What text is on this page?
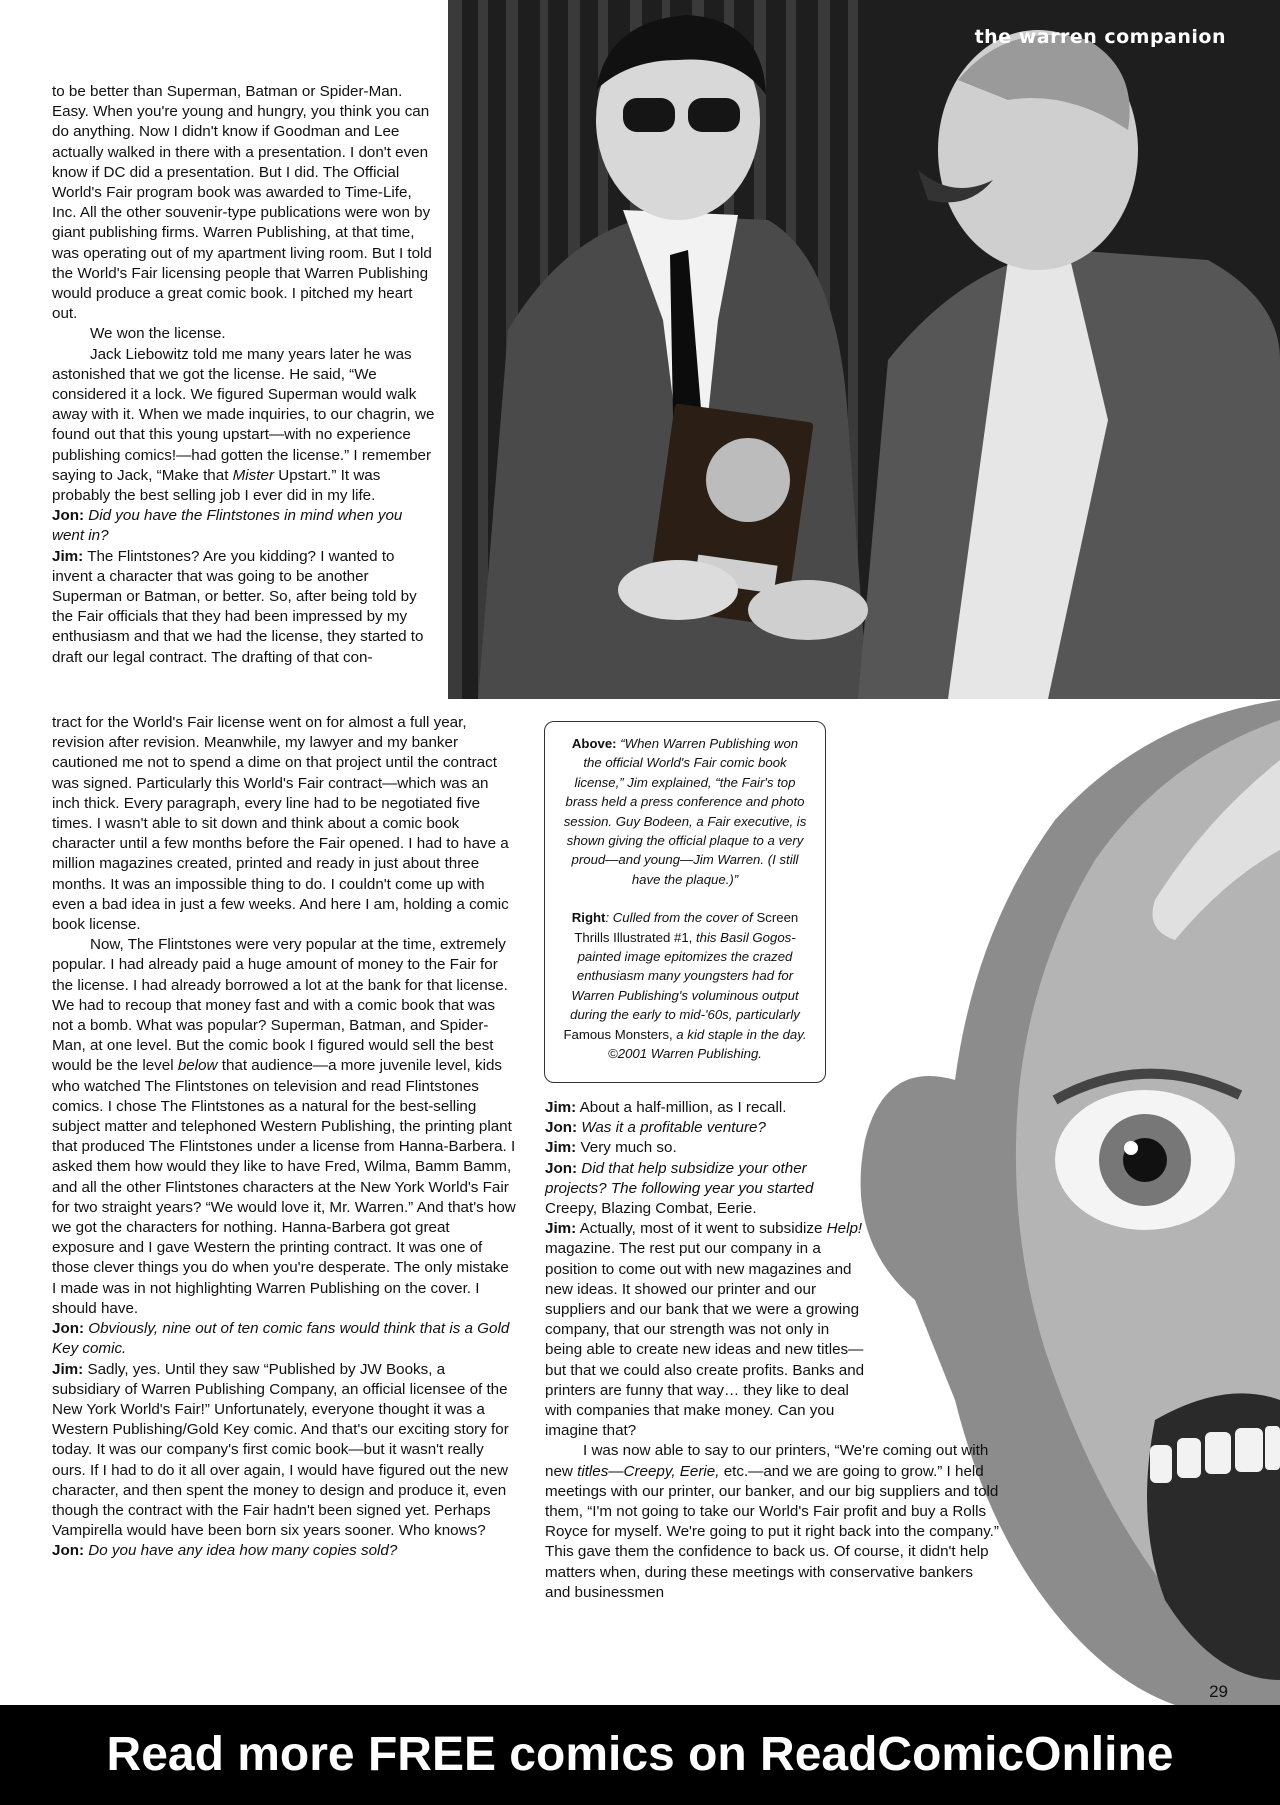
the warren companion

to be better than Superman, Batman or Spider-Man. Easy. When you're young and hungry, you think you can do anything. Now I didn't know if Goodman and Lee actually walked in there with a presentation. I don't even know if DC did a presentation. But I did. The Official World's Fair program book was awarded to Time-Life, Inc. All the other souvenir-type publications were won by giant publishing firms. Warren Publishing, at that time, was operating out of my apartment living room. But I told the World's Fair licensing people that Warren Publishing would produce a great comic book. I pitched my heart out.

We won the license.

Jack Liebowitz told me many years later he was astonished that we got the license. He said, “We considered it a lock. We figured Superman would walk away with it. When we made inquiries, to our chagrin, we found out that this young upstart—with no experience publishing comics!—had gotten the license.” I remember saying to Jack, “Make that Mister Upstart.” It was probably the best selling job I ever did in my life.

Jon: Did you have the Flintstones in mind when you went in?

Jim: The Flintstones? Are you kidding? I wanted to invent a character that was going to be another Superman or Batman, or better. So, after being told by the Fair officials that they had been impressed by my enthusiasm and that we had the license, they started to draft our legal contract. The drafting of that con-

tract for the World's Fair license went on for almost a full year, revision after revision. Meanwhile, my lawyer and my banker cautioned me not to spend a dime on that project until the contract was signed. Particularly this World's Fair contract—which was an inch thick. Every paragraph, every line had to be negotiated five times. I wasn't able to sit down and think about a comic book character until a few months before the Fair opened. I had to have a million magazines created, printed and ready in just about three months. It was an impossible thing to do. I couldn't come up with even a bad idea in just a few weeks. And here I am, holding a comic book license.

Now, The Flintstones were very popular at the time, extremely popular. I had already paid a huge amount of money to the Fair for the license. I had already borrowed a lot at the bank for that license. We had to recoup that money fast and with a comic book that was not a bomb. What was popular? Superman, Batman, and Spider-Man, at one level. But the comic book I figured would sell the best would be the level below that audience—a more juvenile level, kids who watched The Flintstones on television and read Flintstones comics. I chose The Flintstones as a natural for the best-selling subject matter and telephoned Western Publishing, the printing plant that produced The Flintstones under a license from Hanna-Barbera. I asked them how would they like to have Fred, Wilma, Bamm Bamm, and all the other Flintstones characters at the New York World's Fair for two straight years? “We would love it, Mr. Warren.” And that's how we got the characters for nothing. Hanna-Barbera got great exposure and I gave Western the printing contract. It was one of those clever things you do when you're desperate. The only mistake I made was in not highlighting Warren Publishing on the cover. I should have.

Jon: Obviously, nine out of ten comic fans would think that is a Gold Key comic.

Jim: Sadly, yes. Until they saw “Published by JW Books, a subsidiary of Warren Publishing Company, an official licensee of the New York World's Fair!” Unfortunately, everyone thought it was a Western Publishing/Gold Key comic. And that's our exciting story for today. It was our company's first comic book—but it wasn't really ours. If I had to do it all over again, I would have figured out the new character, and then spent the money to design and produce it, even though the contract with the Fair hadn't been signed yet. Perhaps Vampirella would have been born six years sooner. Who knows?

Jon: Do you have any idea how many copies sold?

Above: “When Warren Publishing won the official World's Fair comic book license,” Jim explained, “the Fair's top brass held a press conference and photo session. Guy Bodeen, a Fair executive, is shown giving the official plaque to a very proud—and young—Jim Warren. (I still have the plaque.)”
Right: Culled from the cover of Screen Thrills Illustrated #1, this Basil Gogos-painted image epitomizes the crazed enthusiasm many youngsters had for Warren Publishing's voluminous output during the early to mid-'60s, particularly Famous Monsters, a kid staple in the day. ©2001 Warren Publishing.

Jim: About a half-million, as I recall.

Jon: Was it a profitable venture?

Jim: Very much so.

Jon: Did that help subsidize your other projects? The following year you started Creepy, Blazing Combat, Eerie.

Jim: Actually, most of it went to subsidize Help! magazine. The rest put our company in a position to come out with new magazines and new ideas. It showed our printer and our suppliers and our bank that we were a growing company, that our strength was not only in being able to create new ideas and new titles—but that we could also create profits. Banks and printers are funny that way… they like to deal with companies that make money. Can you imagine that?

I was now able to say to our printers, “We're coming out with new titles—Creepy, Eerie, etc.—and we are going to grow.” I held meetings with our printer, our banker, and our big suppliers and told them, “I'm not going to take our World's Fair profit and buy a Rolls Royce for myself. We're going to put it right back into the company.” This gave them the confidence to back us. Of course, it didn't help matters when, during these meetings with conservative bankers and businessmen

29
Read more FREE comics on ReadComicOnline
